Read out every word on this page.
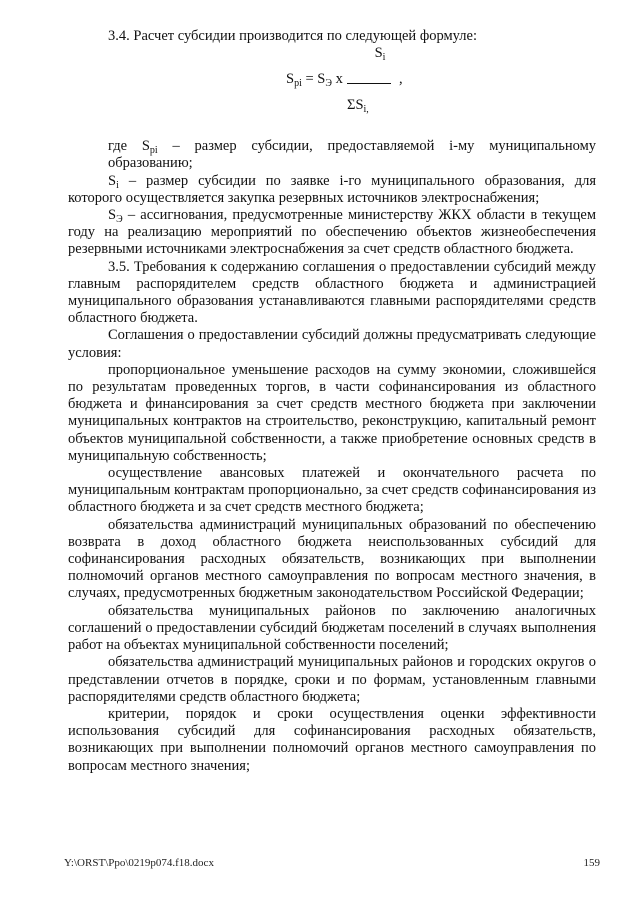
3.4. Расчет субсидии производится по следующей формуле:

$S_i$
$S_{pi} = S_Э$ х	,
$\Sigma S_{i,}$

где $S_{pi}$ – размер субсидии, предоставляемой i-му муниципальному образованию;

$S_i$ – размер субсидии по заявке i-го муниципального образования, для которого осуществляется закупка резервных источников электроснабжения;

$S_Э$ – ассигнования, предусмотренные министерству ЖКХ области в текущем году на реализацию мероприятий по обеспечению объектов жизнеобеспечения резервными источниками электроснабжения за счет средств областного бюджета.

3.5. Требования к содержанию соглашения о предоставлении субсидий между главным распорядителем средств областного бюджета и администрацией муниципального образования устанавливаются главными распорядителями средств областного бюджета.

Соглашения о предоставлении субсидий должны предусматривать следующие условия:

пропорциональное уменьшение расходов на сумму экономии, сложившейся по результатам проведенных торгов, в части софинансирования из областного бюджета и финансирования за счет средств местного бюджета при заключении муниципальных контрактов на строительство, реконструкцию, капитальный ремонт объектов муниципальной собственности, а также приобретение основных средств в муниципальную собственность;

осуществление авансовых платежей и окончательного расчета по муниципальным контрактам пропорционально, за счет средств софинансирования из областного бюджета и за счет средств местного бюджета;

обязательства администраций муниципальных образований по обеспечению возврата в доход областного бюджета неиспользованных субсидий для софинансирования расходных обязательств, возникающих при выполнении полномочий органов местного самоуправления по вопросам местного значения, в случаях, предусмотренных бюджетным законодательством Российской Федерации;

обязательства муниципальных районов по заключению аналогичных соглашений о предоставлении субсидий бюджетам поселений в случаях выполнения работ на объектах муниципальной собственности поселений;

обязательства администраций муниципальных районов и городских округов о представлении отчетов в порядке, сроки и по формам, установленным главными распорядителями средств областного бюджета;

критерии, порядок и сроки осуществления оценки эффективности использования субсидий для софинансирования расходных обязательств, возникающих при выполнении полномочий органов местного самоуправления по вопросам местного значения;

Y:\ORST\Ppo\0219p074.f18.docx	159
